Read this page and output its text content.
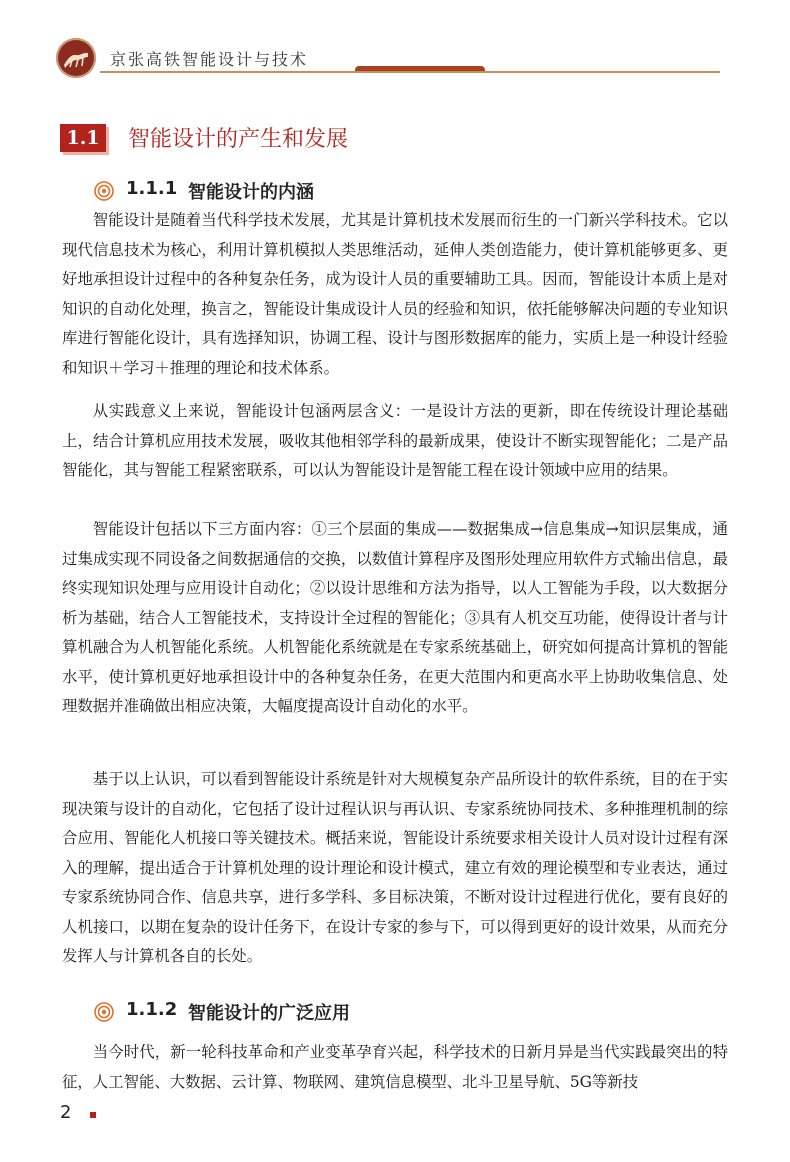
京张高铁智能设计与技术
1.1 智能设计的产生和发展
1.1.1 智能设计的内涵

智能设计是随着当代科学技术发展，尤其是计算机技术发展而衍生的一门新兴学科技术。它以现代信息技术为核心，利用计算机模拟人类思维活动，延伸人类创造能力，使计算机能够更多、更好地承担设计过程中的各种复杂任务，成为设计人员的重要辅助工具。因而，智能设计本质上是对知识的自动化处理，换言之，智能设计集成设计人员的经验和知识，依托能够解决问题的专业知识库进行智能化设计，具有选择知识，协调工程、设计与图形数据库的能力，实质上是一种设计经验和知识＋学习＋推理的理论和技术体系。

从实践意义上来说，智能设计包涵两层含义：一是设计方法的更新，即在传统设计理论基础上，结合计算机应用技术发展，吸收其他相邻学科的最新成果，使设计不断实现智能化；二是产品智能化，其与智能工程紧密联系，可以认为智能设计是智能工程在设计领域中应用的结果。

智能设计包括以下三方面内容：①三个层面的集成——数据集成→信息集成→知识层集成，通过集成实现不同设备之间数据通信的交换，以数值计算程序及图形处理应用软件方式输出信息，最终实现知识处理与应用设计自动化；②以设计思维和方法为指导，以人工智能为手段，以大数据分析为基础，结合人工智能技术，支持设计全过程的智能化；③具有人机交互功能，使得设计者与计算机融合为人机智能化系统。人机智能化系统就是在专家系统基础上，研究如何提高计算机的智能水平，使计算机更好地承担设计中的各种复杂任务，在更大范围内和更高水平上协助收集信息、处理数据并准确做出相应决策，大幅度提高设计自动化的水平。

基于以上认识，可以看到智能设计系统是针对大规模复杂产品所设计的软件系统，目的在于实现决策与设计的自动化，它包括了设计过程认识与再认识、专家系统协同技术、多种推理机制的综合应用、智能化人机接口等关键技术。概括来说，智能设计系统要求相关设计人员对设计过程有深入的理解，提出适合于计算机处理的设计理论和设计模式，建立有效的理论模型和专业表达，通过专家系统协同合作、信息共享，进行多学科、多目标决策，不断对设计过程进行优化，要有良好的人机接口，以期在复杂的设计任务下，在设计专家的参与下，可以得到更好的设计效果，从而充分发挥人与计算机各自的长处。

1.1.2 智能设计的广泛应用

当今时代，新一轮科技革命和产业变革孕育兴起，科学技术的日新月异是当代实践最突出的特征，人工智能、大数据、云计算、物联网、建筑信息模型、北斗卫星导航、5G等新技

2
